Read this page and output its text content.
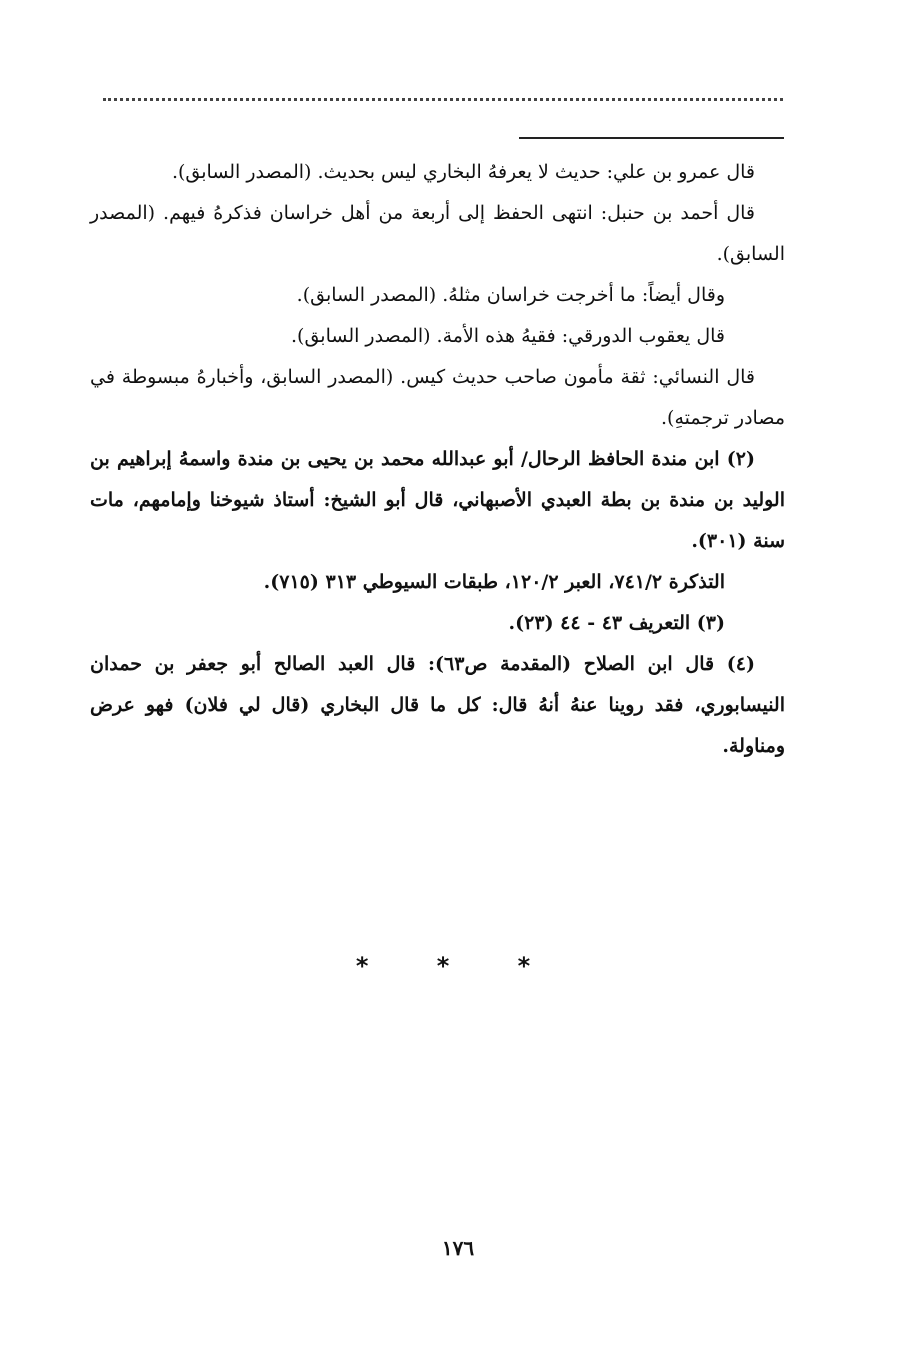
قال عمرو بن علي: حديث لا يعرفهُ البخاري ليس بحديث. (المصدر السابق).

قال أحمد بن حنبل: انتهى الحفظ إلى أربعة من أهل خراسان فذكرهُ فيهم. (المصدر السابق).

وقال أيضاً: ما أخرجت خراسان مثلهُ. (المصدر السابق).

قال يعقوب الدورقي: فقيهُ هذه الأمة. (المصدر السابق).

قال النسائي: ثقة مأمون صاحب حديث كيس. (المصدر السابق، وأخبارهُ مبسوطة في مصادر ترجمتهِ).

(٢) ابن مندة الحافظ الرحال/ أبو عبدالله محمد بن يحيى بن مندة واسمهُ إبراهيم بن الوليد بن مندة بن بطة العبدي الأصبهاني، قال أبو الشيخ: أستاذ شيوخنا وإمامهم، مات سنة (٣٠١).

التذكرة ٧٤١/٢، العبر ١٢٠/٢، طبقات السيوطي ٣١٣ (٧١٥).

(٣) التعريف ٤٣ - ٤٤ (٢٣).

(٤) قال ابن الصلاح (المقدمة ص٦٣): قال العبد الصالح أبو جعفر بن حمدان النيسابوري، فقد روينا عنهُ أنهُ قال: كل ما قال البخاري (قال لي فلان) فهو عرض ومناولة.

* * *
١٧٦
